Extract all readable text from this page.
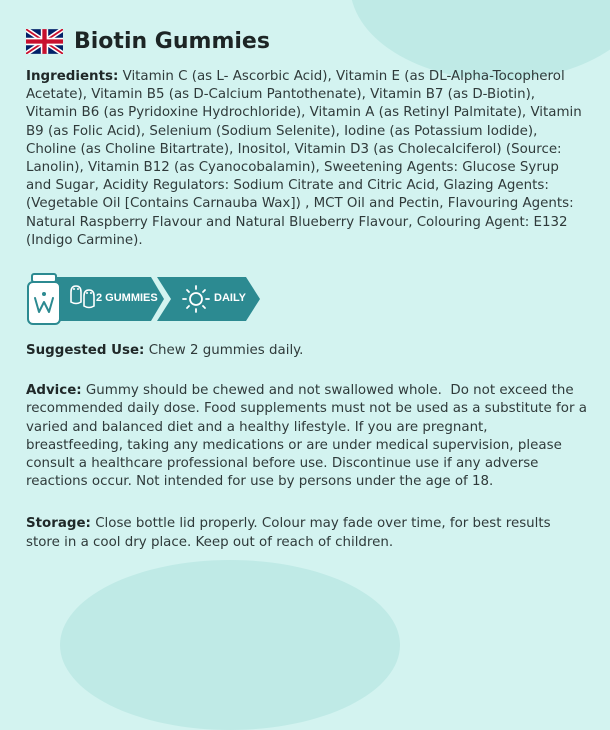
Biotin Gummies

Ingredients: Vitamin C (as L- Ascorbic Acid), Vitamin E (as DL-Alpha-Tocopherol Acetate), Vitamin B5 (as D-Calcium Pantothenate), Vitamin B7 (as D-Biotin), Vitamin B6 (as Pyridoxine Hydrochloride), Vitamin A (as Retinyl Palmitate), Vitamin B9 (as Folic Acid), Selenium (Sodium Selenite), Iodine (as Potassium Iodide), Choline (as Choline Bitartrate), Inositol, Vitamin D3 (as Cholecalciferol) (Source: Lanolin), Vitamin B12 (as Cyanocobalamin), Sweetening Agents: Glucose Syrup and Sugar, Acidity Regulators: Sodium Citrate and Citric Acid, Glazing Agents: (Vegetable Oil [Contains Carnauba Wax]) , MCT Oil and Pectin, Flavouring Agents: Natural Raspberry Flavour and Natural Blueberry Flavour, Colouring Agent: E132 (Indigo Carmine).

2 GUMMIES	DAILY

Suggested Use: Chew 2 gummies daily.

Advice: Gummy should be chewed and not swallowed whole.  Do not exceed the recommended daily dose. Food supplements must not be used as a substitute for a varied and balanced diet and a healthy lifestyle. If you are pregnant, breastfeeding, taking any medications or are under medical supervision, please consult a healthcare professional before use. Discontinue use if any adverse reactions occur. Not intended for use by persons under the age of 18.

Storage: Close bottle lid properly. Colour may fade over time, for best results store in a cool dry place. Keep out of reach of children.
